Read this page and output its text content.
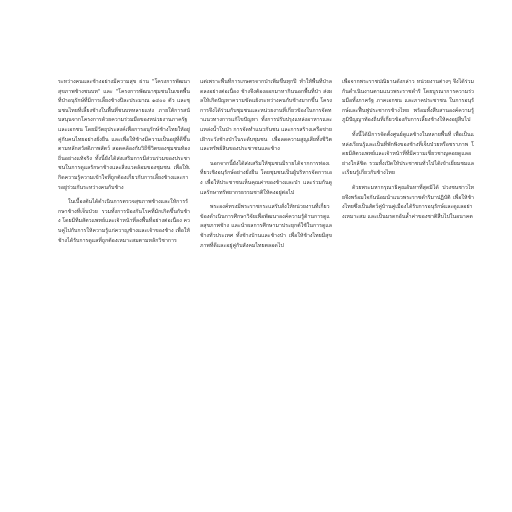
ระหว่างคนและช้างอย่างมีความสุข ผ่าน "โครงการพัฒนาสุขภาพช้างชนบท" และ "โครงการพัฒนาชุมชนในเขตพื้นที่ป่าอนุรักษ์ที่มีการเลี้ยงช้างปีละประมาณ ๑๔๐๐ ตัว และชุมชนไทยที่เลี้ยงช้างในพื้นที่ชนบทหลายแห่ง ภายใต้การสนับสนุนจากโครงการด้วยความร่วมมือของหน่วยงานภาครัฐและเอกชน โดยมีวัตถุประสงค์เพื่อการอนุรักษ์ช้างไทยให้อยู่คู่กับคนไทยอย่างยั่งยืน และเพื่อให้ช้างมีความเป็นอยู่ที่ดีขึ้นตามหลักสวัสดิภาพสัตว์ สอดคล้องกับวิถีชีวิตของชุมชนท้องถิ่นอย่างแท้จริง ทั้งนี้ยังได้ส่งเสริมการมีส่วนร่วมของประชาชนในการดูแลรักษาช้างและสิ่งแวดล้อมของชุมชน เพื่อให้เกิดความรู้ความเข้าใจที่ถูกต้องเกี่ยวกับการเลี้ยงช้างและการอยู่ร่วมกันระหว่างคนกับช้าง

ในเบื้องต้นได้ดำเนินการตรวจสุขภาพช้างและให้การรักษาช้างที่เจ็บป่วย รวมทั้งการป้องกันโรคที่มักเกิดขึ้นกับช้าง โดยมีทีมสัตวแพทย์และเจ้าหน้าที่ลงพื้นที่อย่างต่อเนื่อง ควบคู่ไปกับการให้ความรู้แก่ควาญช้างและเจ้าของช้าง เพื่อให้ช้างได้รับการดูแลที่ถูกต้องเหมาะสมตามหลักวิชาการ

แต่เพราะพื้นที่การเกษตรจากป่าเพิ่มขึ้นทุกปี ทำให้พื้นที่ป่าลดลงอย่างต่อเนื่อง ช้างจึงต้องออกมาหากินนอกพื้นที่ป่า ส่งผลให้เกิดปัญหาความขัดแย้งระหว่างคนกับช้างมากขึ้น โครงการจึงได้ร่วมกับชุมชนและหน่วยงานที่เกี่ยวข้องในการจัดทำแนวทางการแก้ไขปัญหา ทั้งการปรับปรุงแหล่งอาหารและแหล่งน้ำในป่า การจัดทำแนวกันชน และการสร้างเครือข่ายเฝ้าระวังช้างป่าในระดับชุมชน เพื่อลดความสูญเสียทั้งชีวิตและทรัพย์สินของประชาชนและช้าง

นอกจากนี้ยังได้ส่งเสริมให้ชุมชนมีรายได้จากการท่องเที่ยวเชิงอนุรักษ์อย่างยั่งยืน โดยชุมชนเป็นผู้บริหารจัดการเอง เพื่อให้ประชาชนเห็นคุณค่าของช้างและป่า และร่วมกันดูแลรักษาทรัพยากรธรรมชาติให้คงอยู่ต่อไป

พระองค์ทรงมีพระราชกระแสรับสั่งให้หน่วยงานที่เกี่ยวข้องดำเนินการศึกษาวิจัยเพื่อพัฒนาองค์ความรู้ด้านการดูแลสุขภาพช้าง และนำผลการศึกษามาประยุกต์ใช้ในการดูแลช้างทั่วประเทศ ทั้งช้างบ้านและช้างป่า เพื่อให้ช้างไทยมีสุขภาพที่ดีและอยู่คู่กับสังคมไทยตลอดไป

เพื่อจากพระราชปณิธานดังกล่าว หน่วยงานต่างๆ จึงได้ร่วมกันดำเนินงานตามแนวพระราชดำริ โดยบูรณาการความร่วมมือทั้งภาครัฐ ภาคเอกชน และภาคประชาชน ในการอนุรักษ์และฟื้นฟูประชากรช้างไทย พร้อมทั้งสืบสานองค์ความรู้ภูมิปัญญาท้องถิ่นที่เกี่ยวข้องกับการเลี้ยงช้างให้คงอยู่สืบไป

ทั้งนี้ได้มีการจัดตั้งศูนย์ดูแลช้างในหลายพื้นที่ เพื่อเป็นแหล่งเรียนรู้และเป็นที่พักพิงของช้างที่เจ็บป่วยหรือชราภาพ โดยมีสัตวแพทย์และเจ้าหน้าที่ที่มีความเชี่ยวชาญคอยดูแลอย่างใกล้ชิด รวมทั้งเปิดให้ประชาชนทั่วไปได้เข้าเยี่ยมชมและเรียนรู้เกี่ยวกับช้างไทย

ด้วยพระมหากรุณาธิคุณอันหาที่สุดมิได้ ปวงชนชาวไทยจึงพร้อมใจกันน้อมนำแนวพระราชดำริมาปฏิบัติ เพื่อให้ช้างไทยซึ่งเป็นสัตว์คู่บ้านคู่เมืองได้รับการอนุรักษ์และดูแลอย่างเหมาะสม และเป็นมรดกอันล้ำค่าของชาติสืบไปในอนาคต
